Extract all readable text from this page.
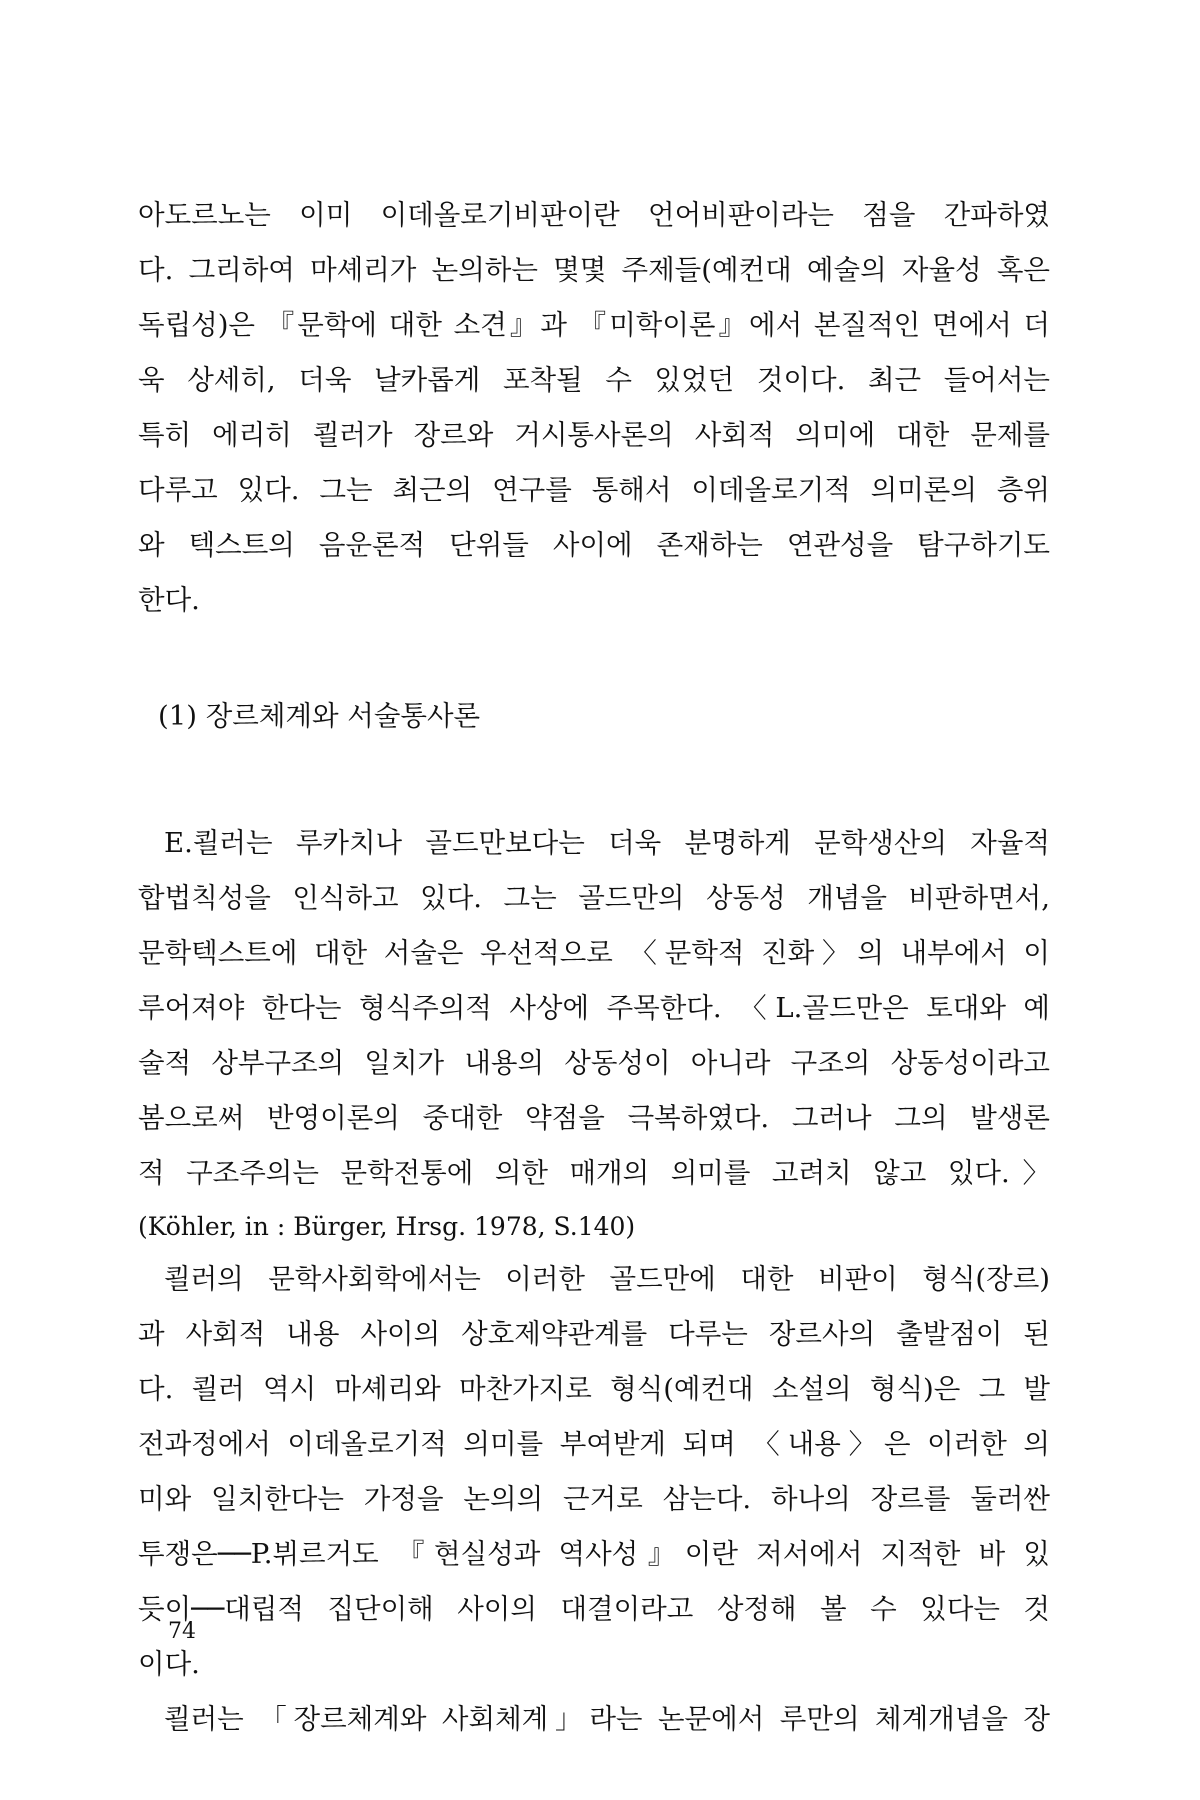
아도르노는 이미 이데올로기비판이란 언어비판이라는 점을 간파하였
다. 그리하여 마셰리가 논의하는 몇몇 주제들(예컨대 예술의 자율성 혹은
독립성)은 『문학에 대한 소견』과 『미학이론』에서 본질적인 면에서 더
욱 상세히, 더욱 날카롭게 포착될 수 있었던 것이다. 최근 들어서는
특히 에리히 쾰러가 장르와 거시통사론의 사회적 의미에 대한 문제를
다루고 있다. 그는 최근의 연구를 통해서 이데올로기적 의미론의 층위
와 텍스트의 음운론적 단위들 사이에 존재하는 연관성을 탐구하기도
한다.
(1) 장르체계와 서술통사론
E.쾰러는 루카치나 골드만보다는 더욱 분명하게 문학생산의 자율적
합법칙성을 인식하고 있다. 그는 골드만의 상동성 개념을 비판하면서,
문학텍스트에 대한 서술은 우선적으로 〈문학적 진화〉의 내부에서 이
루어져야 한다는 형식주의적 사상에 주목한다. 〈L.골드만은 토대와 예
술적 상부구조의 일치가 내용의 상동성이 아니라 구조의 상동성이라고
봄으로써 반영이론의 중대한 약점을 극복하였다. 그러나 그의 발생론
적 구조주의는 문학전통에 의한 매개의 의미를 고려치 않고 있다.〉
(Köhler, in : Bürger, Hrsg. 1978, S.140)
쾰러의 문학사회학에서는 이러한 골드만에 대한 비판이 형식(장르)
과 사회적 내용 사이의 상호제약관계를 다루는 장르사의 출발점이 된
다. 쾰러 역시 마셰리와 마찬가지로 형식(예컨대 소설의 형식)은 그 발
전과정에서 이데올로기적 의미를 부여받게 되며 〈내용〉은 이러한 의
미와 일치한다는 가정을 논의의 근거로 삼는다. 하나의 장르를 둘러싼
투쟁은──P.뷔르거도 『현실성과 역사성』이란 저서에서 지적한 바 있
듯이──대립적 집단이해 사이의 대결이라고 상정해 볼 수 있다는 것
이다.
쾰러는 「장르체계와 사회체계」라는 논문에서 루만의 체계개념을 장
74
